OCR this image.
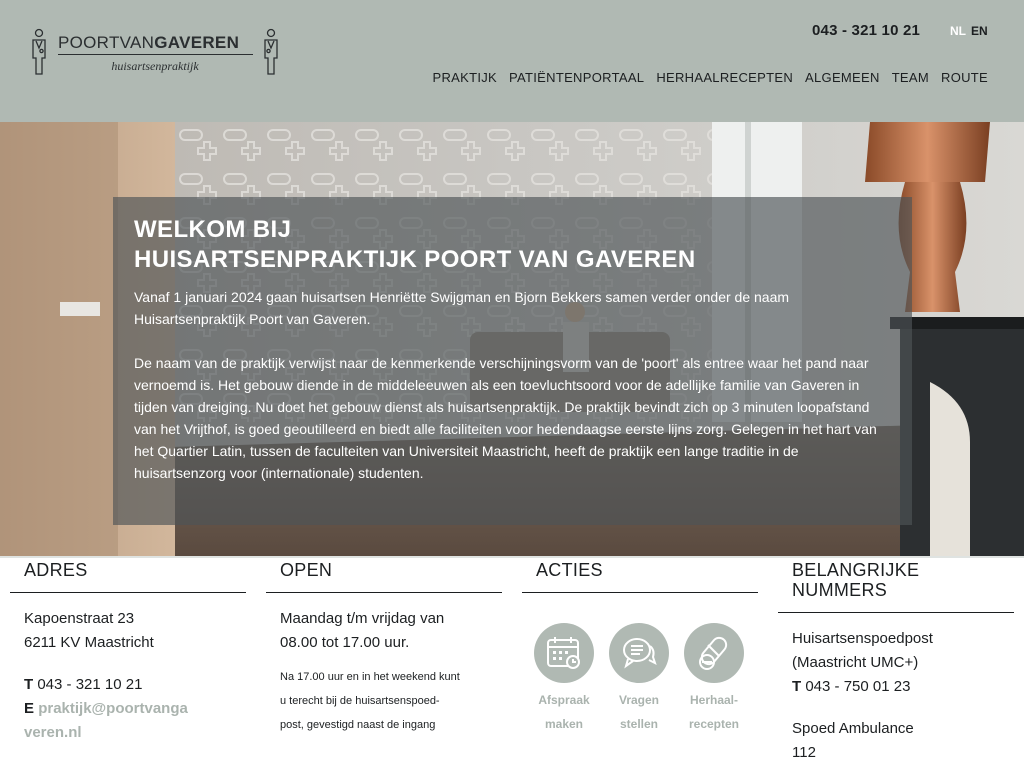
POORTVANGAVEREN
huisartsenpraktijk
043 - 321 10 21 NL EN
PRAKTIJK PATIËNTENPORTAAL HERHAALRECEPTEN ALGEMEEN TEAM ROUTE
WELKOM BIJ
HUISARTSENPRAKTIJK POORT VAN GAVEREN

Vanaf 1 januari 2024 gaan huisartsen Henriëtte Swijgman en Bjorn Bekkers samen verder onder de naam Huisartsenpraktijk Poort van Gaveren.

De naam van de praktijk verwijst naar de kenmerkende verschijningsvorm van de 'poort' als entree waar het pand naar vernoemd is. Het gebouw diende in de middeleeuwen als een toevluchtsoord voor de adellijke familie van Gaveren in tijden van dreiging. Nu doet het gebouw dienst als huisartsenpraktijk. De praktijk bevindt zich op 3 minuten loopafstand van het Vrijthof, is goed geoutilleerd en biedt alle faciliteiten voor hedendaagse eerste lijns zorg. Gelegen in het hart van het Quartier Latin, tussen de faculteiten van Universiteit Maastricht, heeft de praktijk een lange traditie in de huisartsenzorg voor (internationale) studenten.

ADRES
Kapoenstraat 23
6211 KV Maastricht
T 043 - 321 10 21
E praktijk@poortvanga
veren.nl
OPEN
Maandag t/m vrijdag van
08.00 tot 17.00 uur.
Na 17.00 uur en in het weekend kunt
u terecht bij de huisartsenspoed-
post, gevestigd naast de ingang
ACTIES
Afspraak
maken
Vragen
stellen
Herhaal-
recepten
BELANGRIJKE
NUMMERS
Huisartsenspoedpost
(Maastricht UMC+)
T 043 - 750 01 23
Spoed Ambulance
112
